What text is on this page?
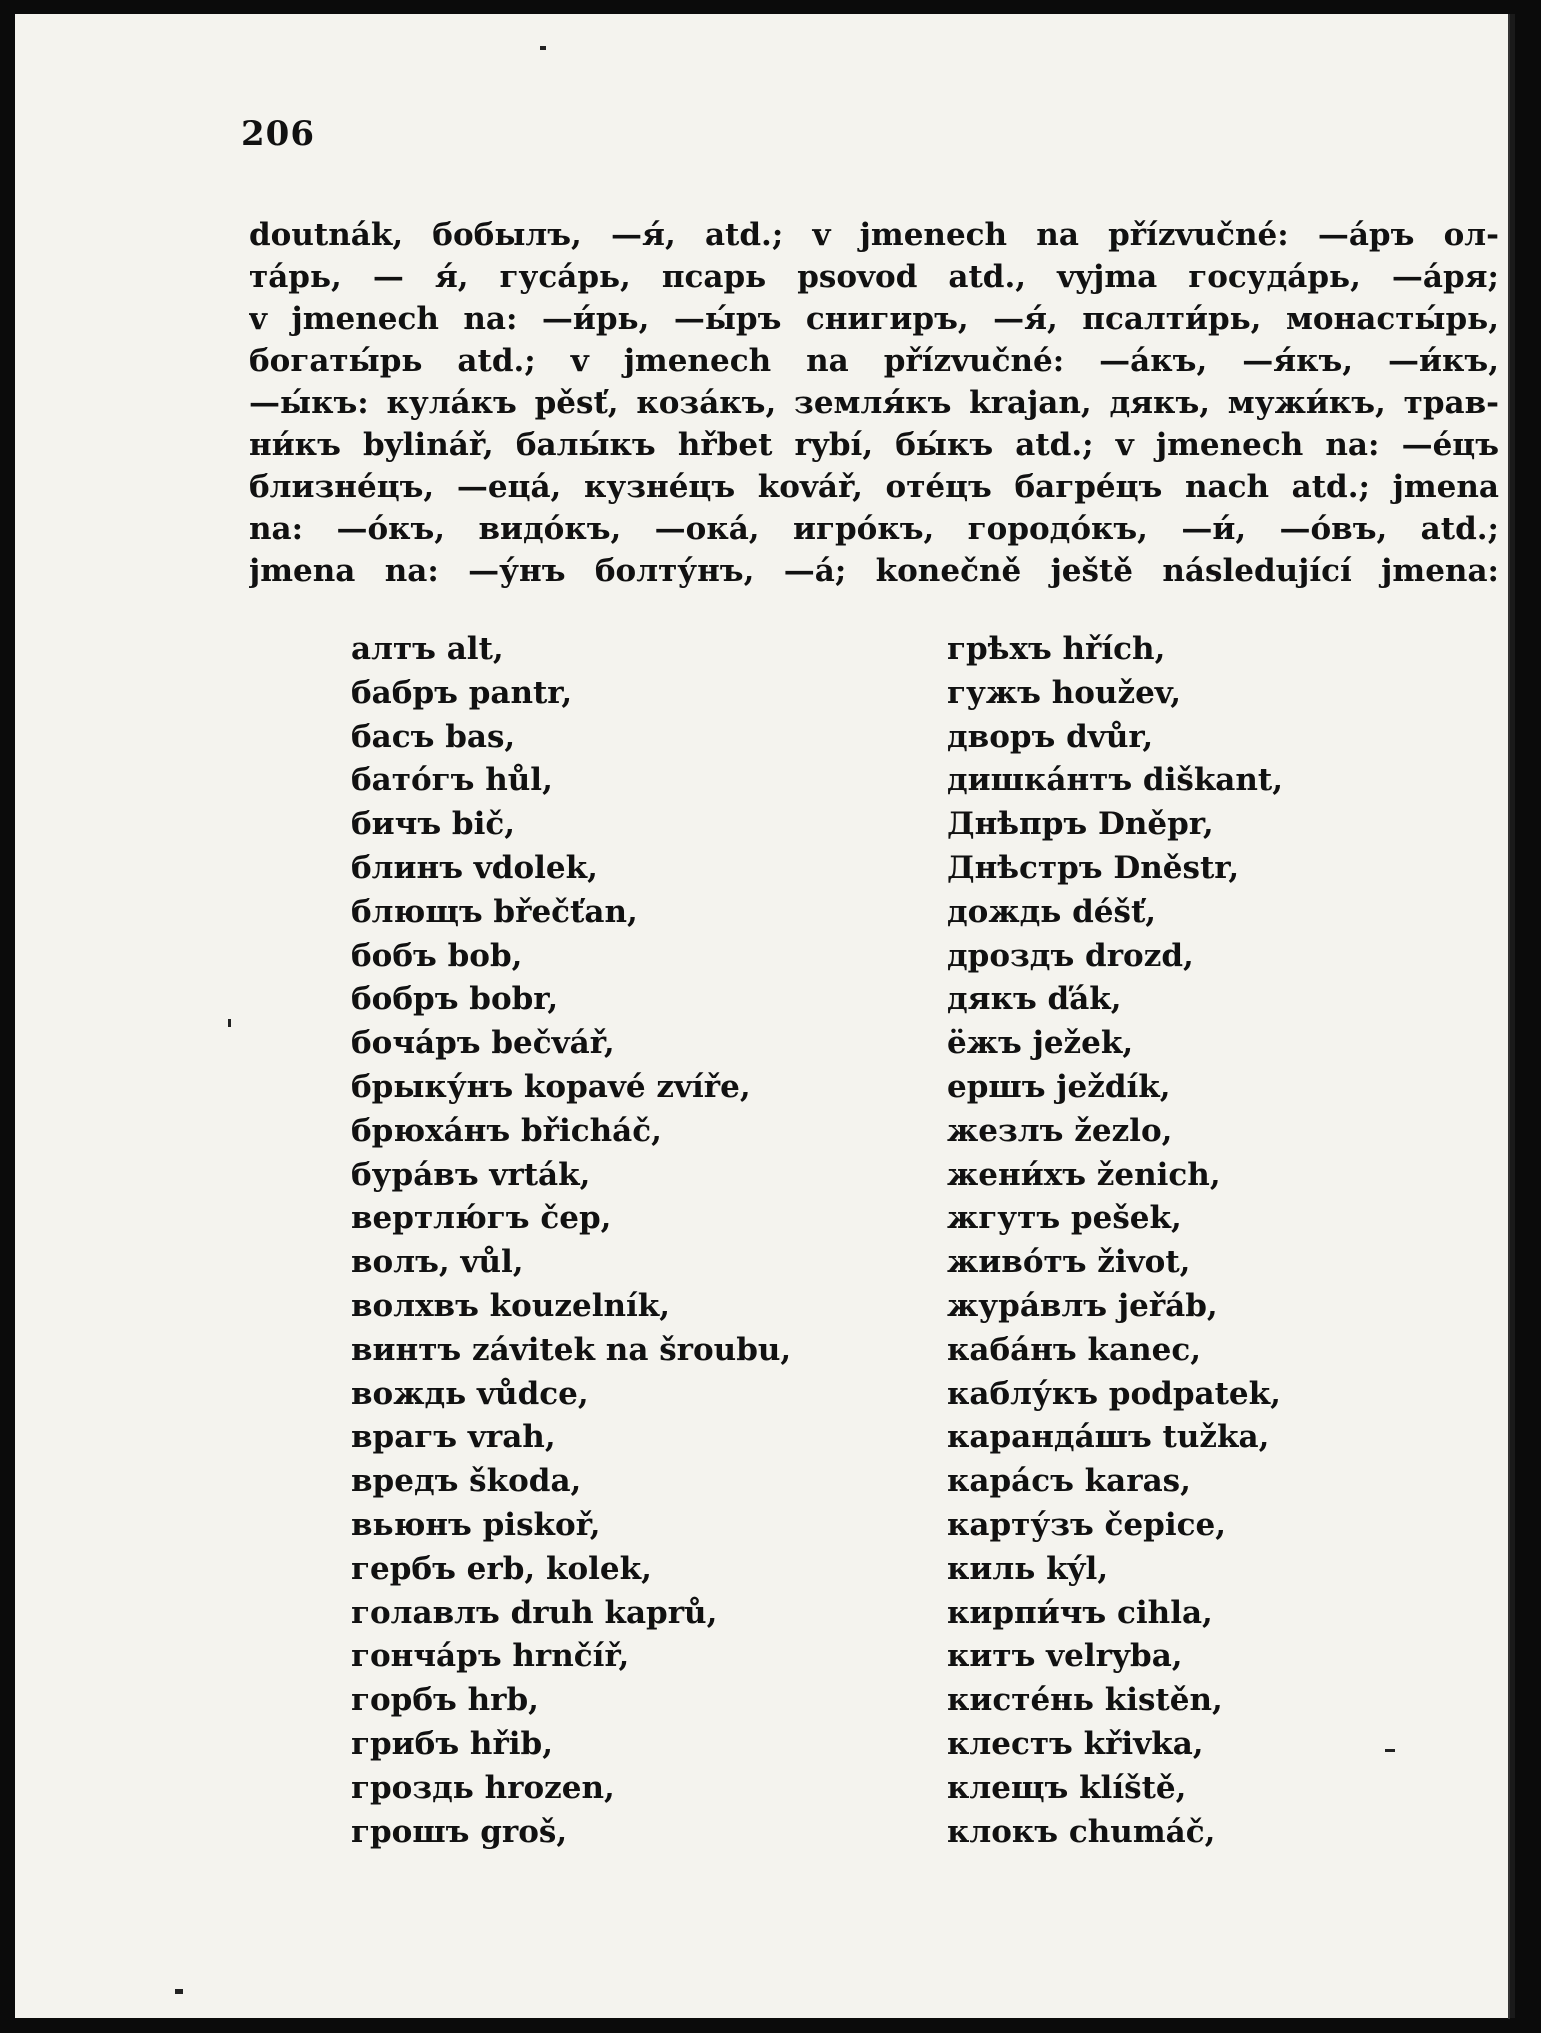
206
doutnák, бобылъ, —я́, atd.; v jmenech na přízvučné: —а́ръ ол-
та́рь, — я́, гуса́рь, псарь psovod atd., vyjma госуда́рь, —а́ря;
v jmenech na: —и́рь, —ы́ръ снигиръ, —я́, псалти́рь, монасты́рь,
богаты́рь atd.; v jmenech na přízvučné: —а́къ, —я́къ, —и́къ,
—ы́къ: кула́къ pěsť, коза́къ, земля́къ krajan, дякъ, мужи́къ, трав-
ни́къ bylinář, балы́къ hřbet rybí, бы́къ atd.; v jmenech na: —е́цъ
близне́цъ, —еца́, кузне́цъ kovář, оте́цъ багре́цъ nach atd.; jmena
na: —о́къ, видо́къ, —ока́, игро́къ, городо́къ, —и́, —о́въ, atd.;
jmena na: —у́нъ болту́нъ, —а́; konečně ještě následující jmena:
алтъ alt,
бабръ pantr,
басъ bas,
бато́гъ hůl,
бичъ bič,
блинъ vdolek,
блющъ břečťan,
бобъ bob,
бобръ bobr,
боча́ръ bečvář,
брыку́нъ kopavé zvíře,
брюха́нъ břicháč,
бура́въ vrták,
вертлю́гъ čep,
волъ, vůl,
волхвъ kouzelník,
винтъ závitek na šroubu,
вождь vůdce,
врагъ vrah,
вредъ škoda,
вьюнъ piskoř,
гербъ erb, kolek,
голавлъ druh kaprů,
гонча́ръ hrnčíř,
горбъ hrb,
грибъ hřib,
гроздь hrozen,
грошъ groš,
грѣхъ hřích,
гужъ houžev,
дворъ dvůr,
дишка́нтъ diškant,
Днѣпръ Dněpr,
Днѣстръ Dněstr,
дождь déšť,
дроздъ drozd,
дякъ ďák,
ёжъ ježek,
ершъ ježdík,
жезлъ žezlo,
жени́хъ ženich,
жгутъ pešek,
живо́тъ život,
жура́влъ jeřáb,
каба́нъ kanec,
каблу́къ podpatek,
каранда́шъ tužka,
кара́съ karas,
карту́зъ čepice,
киль kýl,
кирпи́чъ cihla,
китъ velryba,
кисте́нь kistěn,
клестъ křivka,
клещъ klíště,
клокъ chumáč,
